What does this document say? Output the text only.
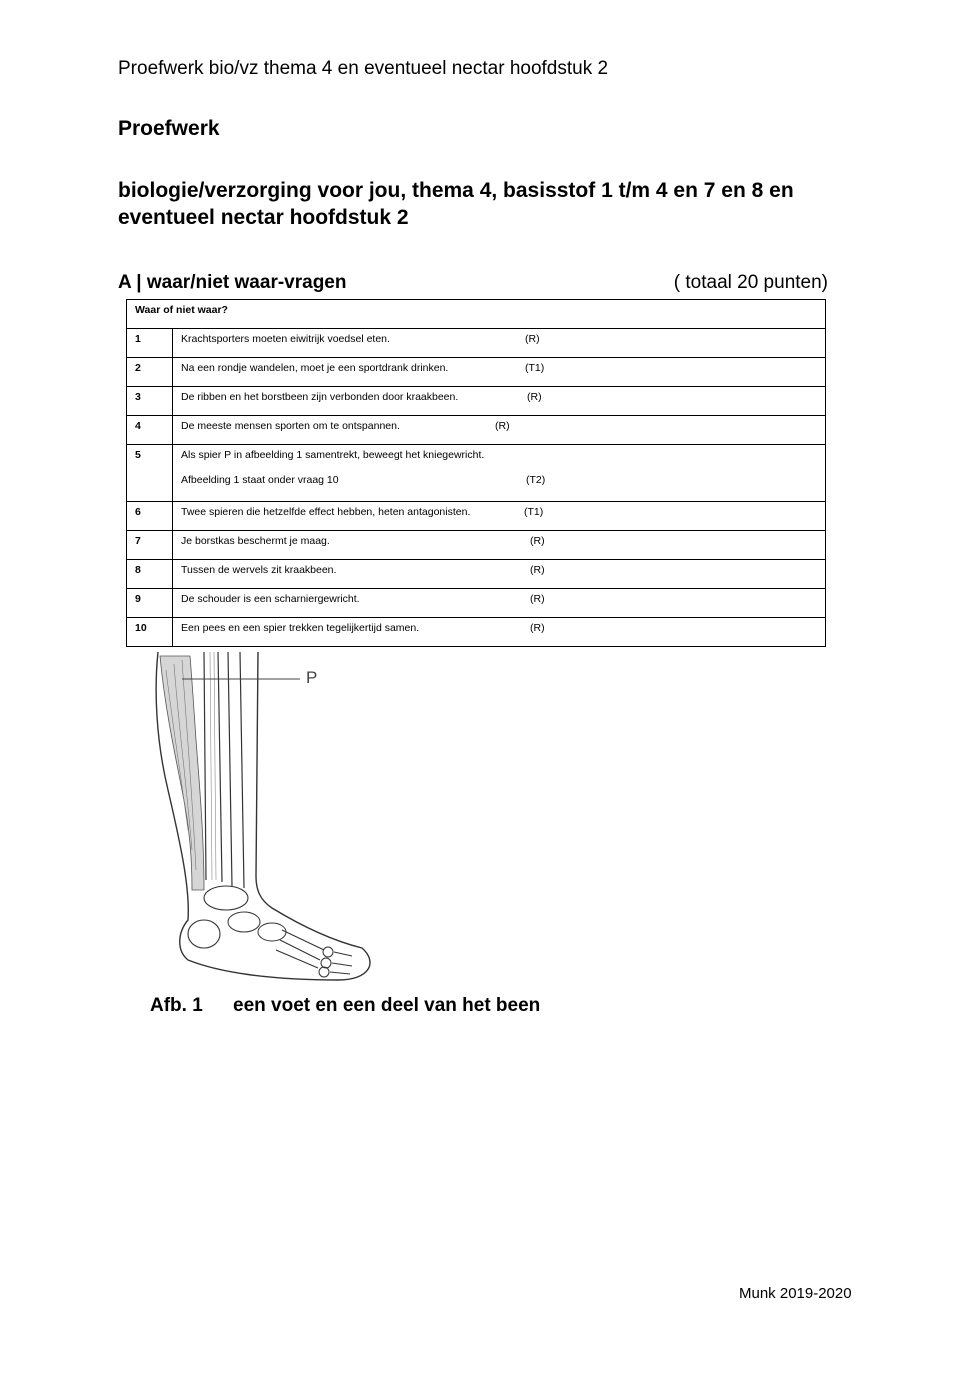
Proefwerk bio/vz thema 4 en eventueel nectar hoofdstuk 2
Proefwerk
biologie/verzorging voor jou, thema 4, basisstof 1 t/m 4 en 7 en 8 en eventueel nectar hoofdstuk 2
A | waar/niet waar-vragen	( totaal 20 punten)
Waar of niet waar?	
1	Krachtsporters moeten eiwitrijk voedsel eten. (R)

2	Na een rondje wandelen, moet je een sportdrank drinken. (T1)

3	De ribben en het borstbeen zijn verbonden door kraakbeen. (R)

4	De meeste mensen sporten om te ontspannen. (R)

5	Als spier P in afbeelding 1 samentrekt, beweegt het kniegewricht.
Afbeelding 1 staat onder vraag 10 (T2)

6	Twee spieren die hetzelfde effect hebben, heten antagonisten. (T1)

7	Je borstkas beschermt je maag. (R)

8	Tussen de wervels zit kraakbeen. (R)

9	De schouder is een scharniergewricht. (R)

10	Een pees en een spier trekken tegelijkertijd samen. (R)
P
Afb. 1 een voet en een deel van het been
Munk 2019-2020
